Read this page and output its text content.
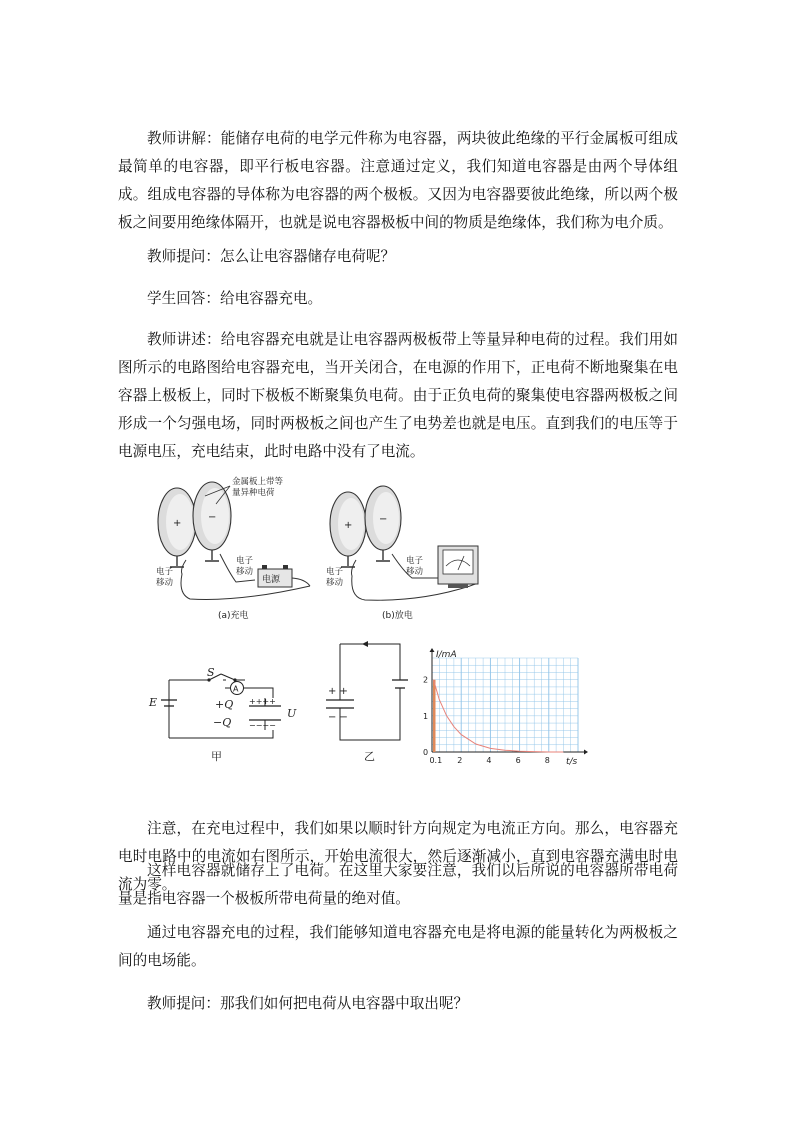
教师讲解：能储存电荷的电学元件称为电容器，两块彼此绝缘的平行金属板可组成最简单的电容器，即平行板电容器。注意通过定义，我们知道电容器是由两个导体组成。组成电容器的导体称为电容器的两个极板。又因为电容器要彼此绝缘，所以两个极板之间要用绝缘体隔开，也就是说电容器极板中间的物质是绝缘体，我们称为电介质。

教师提问：怎么让电容器储存电荷呢？

学生回答：给电容器充电。

教师讲述：给电容器充电就是让电容器两极板带上等量异种电荷的过程。我们用如图所示的电路图给电容器充电，当开关闭合，在电源的作用下，正电荷不断地聚集在电容器上极板上，同时下极板不断聚集负电荷。由于正负电荷的聚集使电容器两极板之间形成一个匀强电场，同时两极板之间也产生了电势差也就是电压。直到我们的电压等于电源电压，充电结束，此时电路中没有了电流。

+
−
电源
金属板上带等
量异种电荷
电子
移动
电子
移动
(a)充电
+
−
电子
移动
电子
移动
(b)放电
A
++++
−−−−
E
S
+Q
−Q
U
甲
+ +
− −
乙	0.1 2	4	6	8
2
1
0
I/mA
t/s

注意，在充电过程中，我们如果以顺时针方向规定为电流正方向。那么，电容器充电时电路中的电流如右图所示，开始电流很大，然后逐渐减小，直到电容器充满电时电流为零。

这样电容器就储存上了电荷。在这里大家要注意，我们以后所说的电容器所带电荷量是指电容器一个极板所带电荷量的绝对值。

通过电容器充电的过程，我们能够知道电容器充电是将电源的能量转化为两极板之间的电场能。

教师提问：那我们如何把电荷从电容器中取出呢？
